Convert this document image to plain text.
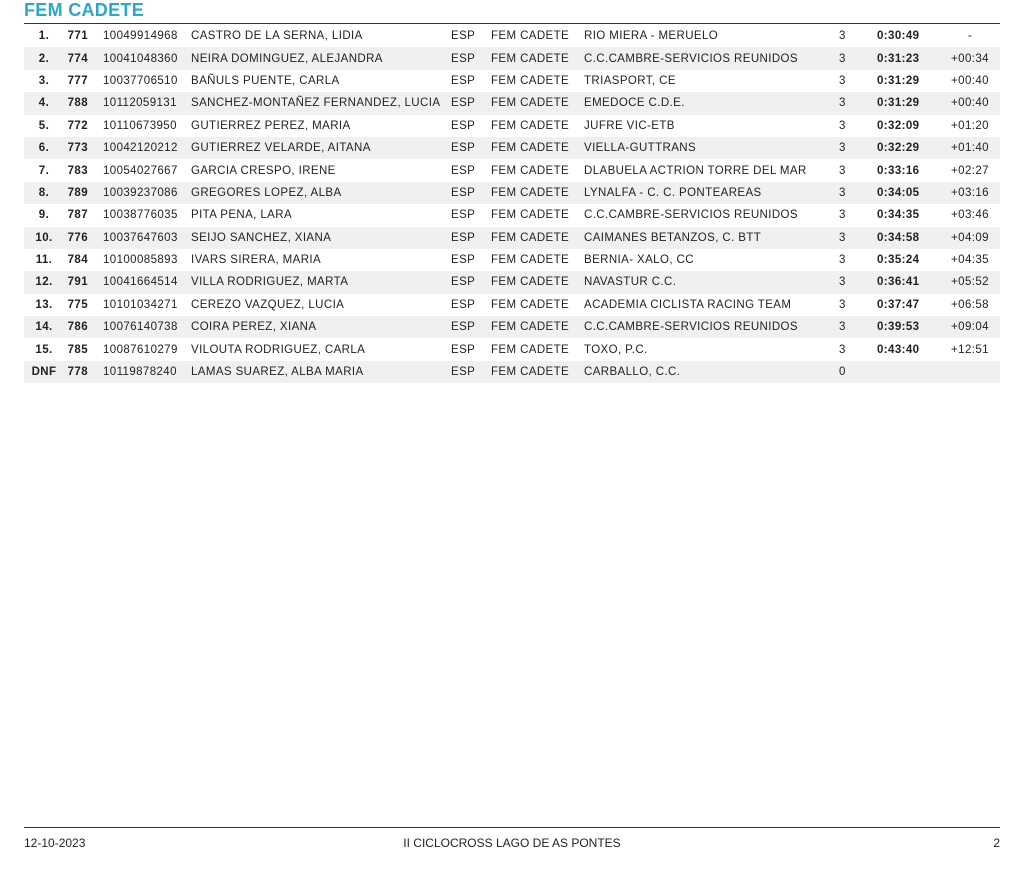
FEM CADETE
1.	771	10049914968	CASTRO DE LA SERNA, LIDIA	ESP	FEM CADETE	RIO MIERA - MERUELO	3	0:30:49	-
2.	774	10041048360	NEIRA DOMINGUEZ, ALEJANDRA	ESP	FEM CADETE	C.C.CAMBRE-SERVICIOS REUNIDOS	3	0:31:23	+00:34
3.	777	10037706510	BAÑULS PUENTE, CARLA	ESP	FEM CADETE	TRIASPORT, CE	3	0:31:29	+00:40
4.	788	10112059131	SANCHEZ-MONTAÑEZ FERNANDEZ, LUCIA	ESP	FEM CADETE	EMEDOCE C.D.E.	3	0:31:29	+00:40
5.	772	10110673950	GUTIERREZ PEREZ, MARIA	ESP	FEM CADETE	JUFRE VIC-ETB	3	0:32:09	+01:20
6.	773	10042120212	GUTIERREZ VELARDE, AITANA	ESP	FEM CADETE	VIELLA-GUTTRANS	3	0:32:29	+01:40
7.	783	10054027667	GARCIA CRESPO, IRENE	ESP	FEM CADETE	DLABUELA ACTRION TORRE DEL MAR	3	0:33:16	+02:27
8.	789	10039237086	GREGORES LOPEZ, ALBA	ESP	FEM CADETE	LYNALFA - C. C. PONTEAREAS	3	0:34:05	+03:16
9.	787	10038776035	PITA PENA, LARA	ESP	FEM CADETE	C.C.CAMBRE-SERVICIOS REUNIDOS	3	0:34:35	+03:46
10.	776	10037647603	SEIJO SANCHEZ, XIANA	ESP	FEM CADETE	CAIMANES BETANZOS, C. BTT	3	0:34:58	+04:09
11.	784	10100085893	IVARS SIRERA, MARIA	ESP	FEM CADETE	BERNIA- XALO, CC	3	0:35:24	+04:35
12.	791	10041664514	VILLA RODRIGUEZ, MARTA	ESP	FEM CADETE	NAVASTUR C.C.	3	0:36:41	+05:52
13.	775	10101034271	CEREZO VAZQUEZ, LUCIA	ESP	FEM CADETE	ACADEMIA CICLISTA RACING TEAM	3	0:37:47	+06:58
14.	786	10076140738	COIRA PEREZ, XIANA	ESP	FEM CADETE	C.C.CAMBRE-SERVICIOS REUNIDOS	3	0:39:53	+09:04
15.	785	10087610279	VILOUTA RODRIGUEZ, CARLA	ESP	FEM CADETE	TOXO, P.C.	3	0:43:40	+12:51
DNF	778	10119878240	LAMAS SUAREZ, ALBA MARIA	ESP	FEM CADETE	CARBALLO, C.C.	0		
12-10-2023	II CICLOCROSS LAGO DE AS PONTES	2
